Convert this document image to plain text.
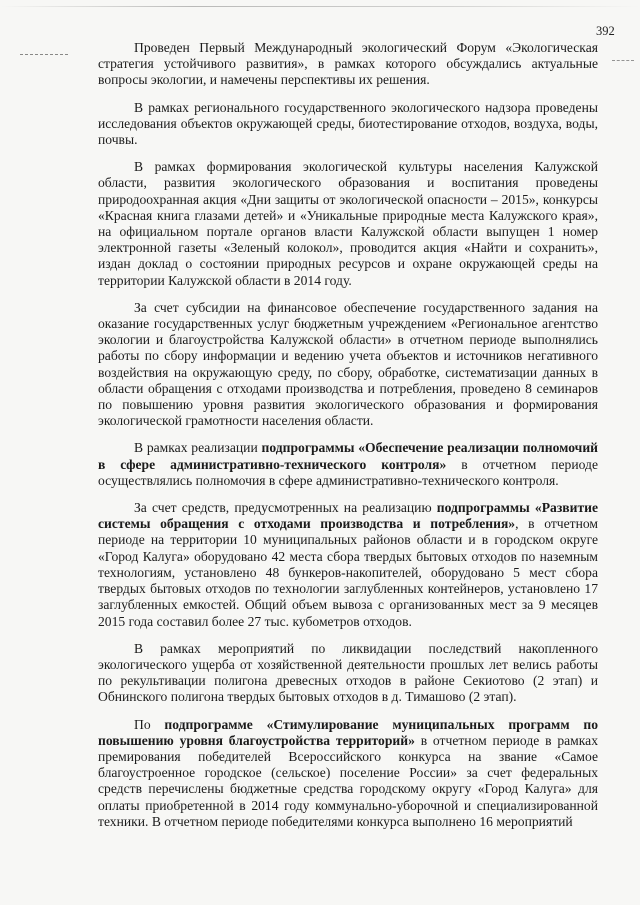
392

Проведен Первый Международный экологический Форум «Экологическая стратегия устойчивого развития», в рамках которого обсуждались актуальные вопросы экологии, и намечены перспективы их решения.

В рамках регионального государственного экологического надзора проведены исследования объектов окружающей среды, биотестирование отходов, воздуха, воды, почвы.

В рамках формирования экологической культуры населения Калужской области, развития экологического образования и воспитания проведены природоохранная акция «Дни защиты от экологической опасности – 2015», конкурсы «Красная книга глазами детей» и «Уникальные природные места Калужского края», на официальном портале органов власти Калужской области выпущен 1 номер электронной газеты «Зеленый колокол», проводится акция «Найти и сохранить», издан доклад о состоянии природных ресурсов и охране окружающей среды на территории Калужской области в 2014 году.

За счет субсидии на финансовое обеспечение государственного задания на оказание государственных услуг бюджетным учреждением «Региональное агентство экологии и благоустройства Калужской области» в отчетном периоде выполнялись работы по сбору информации и ведению учета объектов и источников негативного воздействия на окружающую среду, по сбору, обработке, систематизации данных в области обращения с отходами производства и потребления, проведено 8 семинаров по повышению уровня развития экологического образования и формирования экологической грамотности населения области.

В рамках реализации подпрограммы «Обеспечение реализации полномочий в сфере административно-технического контроля» в отчетном периоде осуществлялись полномочия в сфере административно-технического контроля.

За счет средств, предусмотренных на реализацию подпрограммы «Развитие системы обращения с отходами производства и потребления», в отчетном периоде на территории 10 муниципальных районов области и в городском округе «Город Калуга» оборудовано 42 места сбора твердых бытовых отходов по наземным технологиям, установлено 48 бункеров-накопителей, оборудовано 5 мест сбора твердых бытовых отходов по технологии заглубленных контейнеров, установлено 17 заглубленных емкостей. Общий объем вывоза с организованных мест за 9 месяцев 2015 года составил более 27 тыс. кубометров отходов.

В рамках мероприятий по ликвидации последствий накопленного экологического ущерба от хозяйственной деятельности прошлых лет велись работы по рекультивации полигона древесных отходов в районе Секиотово (2 этап) и Обнинского полигона твердых бытовых отходов в д. Тимашово (2 этап).

По подпрограмме «Стимулирование муниципальных программ по повышению уровня благоустройства территорий» в отчетном периоде в рамках премирования победителей Всероссийского конкурса на звание «Самое благоустроенное городское (сельское) поселение России» за счет федеральных средств перечислены бюджетные средства городскому округу «Город Калуга» для оплаты приобретенной в 2014 году коммунально-уборочной и специализированной техники. В отчетном периоде победителями конкурса выполнено 16 мероприятий
